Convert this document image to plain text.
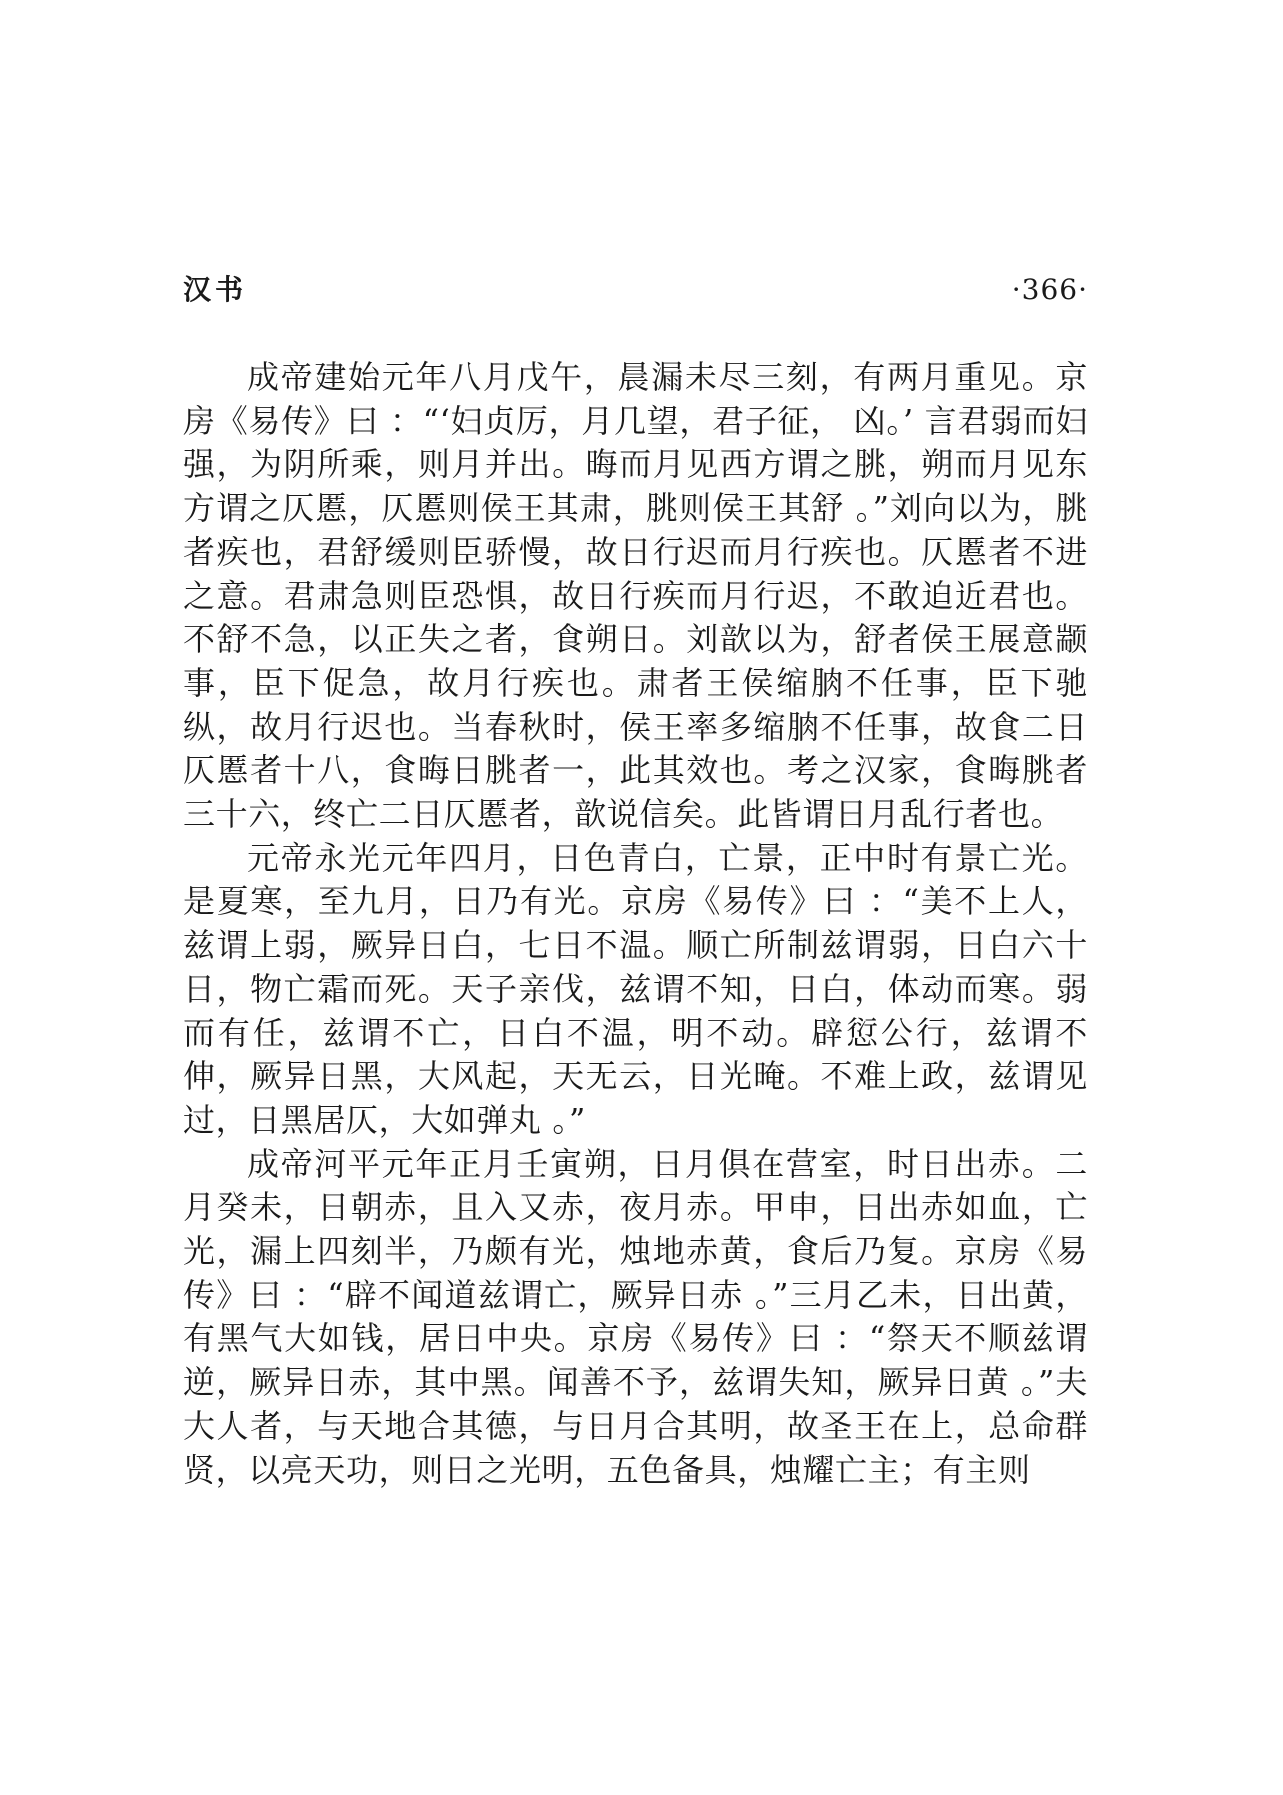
汉书	·366·

成帝建始元年八月戊午，晨漏未尽三刻，有两月重见。京房《易传》曰 ：“‘妇贞厉，月几望，君子征， 凶。’ 言君弱而妇强，为阴所乘，则月并出。晦而月见西方谓之朓，朔而月见东方谓之仄慝，仄慝则侯王其肃，朓则侯王其舒 。”刘向以为，朓者疾也，君舒缓则臣骄慢，故日行迟而月行疾也。仄慝者不进之意。君肃急则臣恐惧，故日行疾而月行迟，不敢迫近君也。不舒不急，以正失之者，食朔日。刘歆以为，舒者侯王展意颛事，臣下促急，故月行疾也。肃者王侯缩朒不任事，臣下驰纵，故月行迟也。当春秋时，侯王率多缩朒不任事，故食二日仄慝者十八，食晦日朓者一，此其效也。考之汉家，食晦朓者三十六，终亡二日仄慝者，歆说信矣。此皆谓日月乱行者也。

元帝永光元年四月，日色青白，亡景，正中时有景亡光。是夏寒，至九月，日乃有光。京房《易传》曰 ：“美不上人，兹谓上弱，厥异日白，七日不温。顺亡所制兹谓弱，日白六十日，物亡霜而死。天子亲伐，兹谓不知，日白，体动而寒。弱而有任，兹谓不亡，日白不温，明不动。辟愆公行，兹谓不伸，厥异日黑，大风起，天无云，日光晻。不难上政，兹谓见过，日黑居仄，大如弹丸 。”

成帝河平元年正月壬寅朔，日月俱在营室，时日出赤。二月癸未，日朝赤，且入又赤，夜月赤。甲申，日出赤如血，亡光，漏上四刻半，乃颇有光，烛地赤黄，食后乃复。京房《易传》曰 ：“辟不闻道兹谓亡，厥异日赤 。”三月乙未，日出黄，有黑气大如钱，居日中央。京房《易传》曰 ：“祭天不顺兹谓逆，厥异日赤，其中黑。闻善不予，兹谓失知，厥异日黄 。”夫大人者，与天地合其德，与日月合其明，故圣王在上，总命群贤，以亮天功，则日之光明，五色备具，烛耀亡主；有主则
